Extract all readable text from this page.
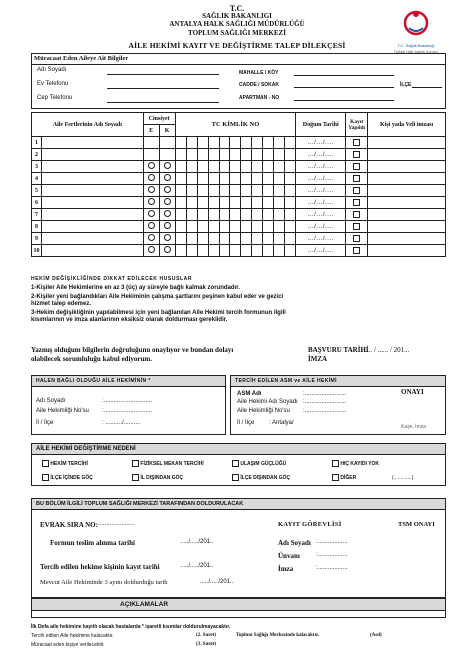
T.C.
SAĞLIK BAKANLIGI
ANTALYA HALK SAĞLIĞI MÜDÜRLÜĞÜ
TOPLUM SAĞLIĞI MERKEZİ
AİLE HEKİMİ KAYIT VE DEĞİŞTİRME TALEP DİLEKÇESİ	T.C. Sağlık Bakanlığı
Türkiye Halk Sağlığı Kurumu
Müracaat Eden Aileye Ait Bilgiler
Adı Soyadı	MAHALLE / KÖY
Ev Telefonu	CADDE / SOKAK	İLÇE
Cep Telefonu	APARTMAN - NO
Aile Fertlerinin Adı Soyadı		Cinsiyet		TC KİMLİK NO											Doğum Tarihi	Kayıt Yapıldı	Kişi yada Veli imzası
		E	K														
1															.../.../....		
2															.../.../....		
3															.../.../....		
4															.../.../....		
5															.../.../....		
6															.../.../....		
7															.../.../....		
8															.../.../....		
9															.../.../....		
10															.../.../....		
HEKİM DEĞİŞİKLİĞİNDE DİKKAT EDİLECEK HUSUSLAR
1-Kişiler Aile Hekimlerine en az 3 (üç) ay süreyle bağlı kalmak zorundadır.
2-Kişiler yeni bağlandıkları Aile Hekiminin çalışma şartlarını peşinen kabul eder ve gezici hizmet talep edemez.
3-Hekim değişikliğinin yapılabilmesi için yeni bağlanılan Aile Hekimi tercih formunun ilgili kısımlarının ve imza alanlarının eksiksiz olarak doldurması gereklidir.
Yazmış olduğum bilgilerin doğruluğunu onaylıyor ve bundan dolayı olabilecek sorumluluğu kabul ediyorum.
BAŞVURU TARİHİ
: ...... / ...... / 201...
İMZA
HALEN BAĞLI OLDUĞU AİLE HEKİMİNİN *
Adı Soyadı	:.............................
Aile Hekimliği No'su :.............................
İl / İlçe	: ........../..........
TERCİH EDİLEN ASM ve AİLE HEKİMİ
ONAYI
ASM Adı	:.........................
Aile Hekimi Adı Soyadı :.........................
Aile Hekimliği No'su :.........................
İl / İlçe : Antalya/
Kaşe, İmza
AİLE HEKİMİ DEĞİŞTİRME NEDENİ
HEKİM TERCİHİ	FİZİKSEL MEKAN TERCİHİ	ULAŞIM GÜÇLÜĞÜ	HIÇ KAYIDI YOK
İLÇE İÇİNDE GÖÇ	İL DIŞINDAN GÖÇ	İLÇE DIŞINDAN GÖÇ	DİĞER	(.............)
BU BÖLÜM İLGİLİ TOPLUM SAĞLIĞI MERKEZİ TARAFINDAN DOLDURULACAK
EVRAK SIRA NO: ......................	KAYIT GÖREVLİSİ	TSM ONAYI
Formun teslim alınma tarihi	...../...../201..	Adı Soyadı :..................
Ünvanı	:..................
Tercih edilen hekime kişinin kayıt tarihi	...../...../201..	İmza	:..................
Mevcut Aile Hekiminde 3 ayını doldurduğu tarih	...../...../201..
AÇIKLAMALAR
İlk Defa aile hekimine kayıtlı olacak hastalarda * işaretli kısımlar doldurulmayacaktır.
Tercih edilen Aile hekimine kalacaktır.	(2. Suret)	Toplum Sağlığı Merkezinde kalacaktır.	(Asıl)
Müracaat eden kişiye verilecektir.	(3. Suret)
